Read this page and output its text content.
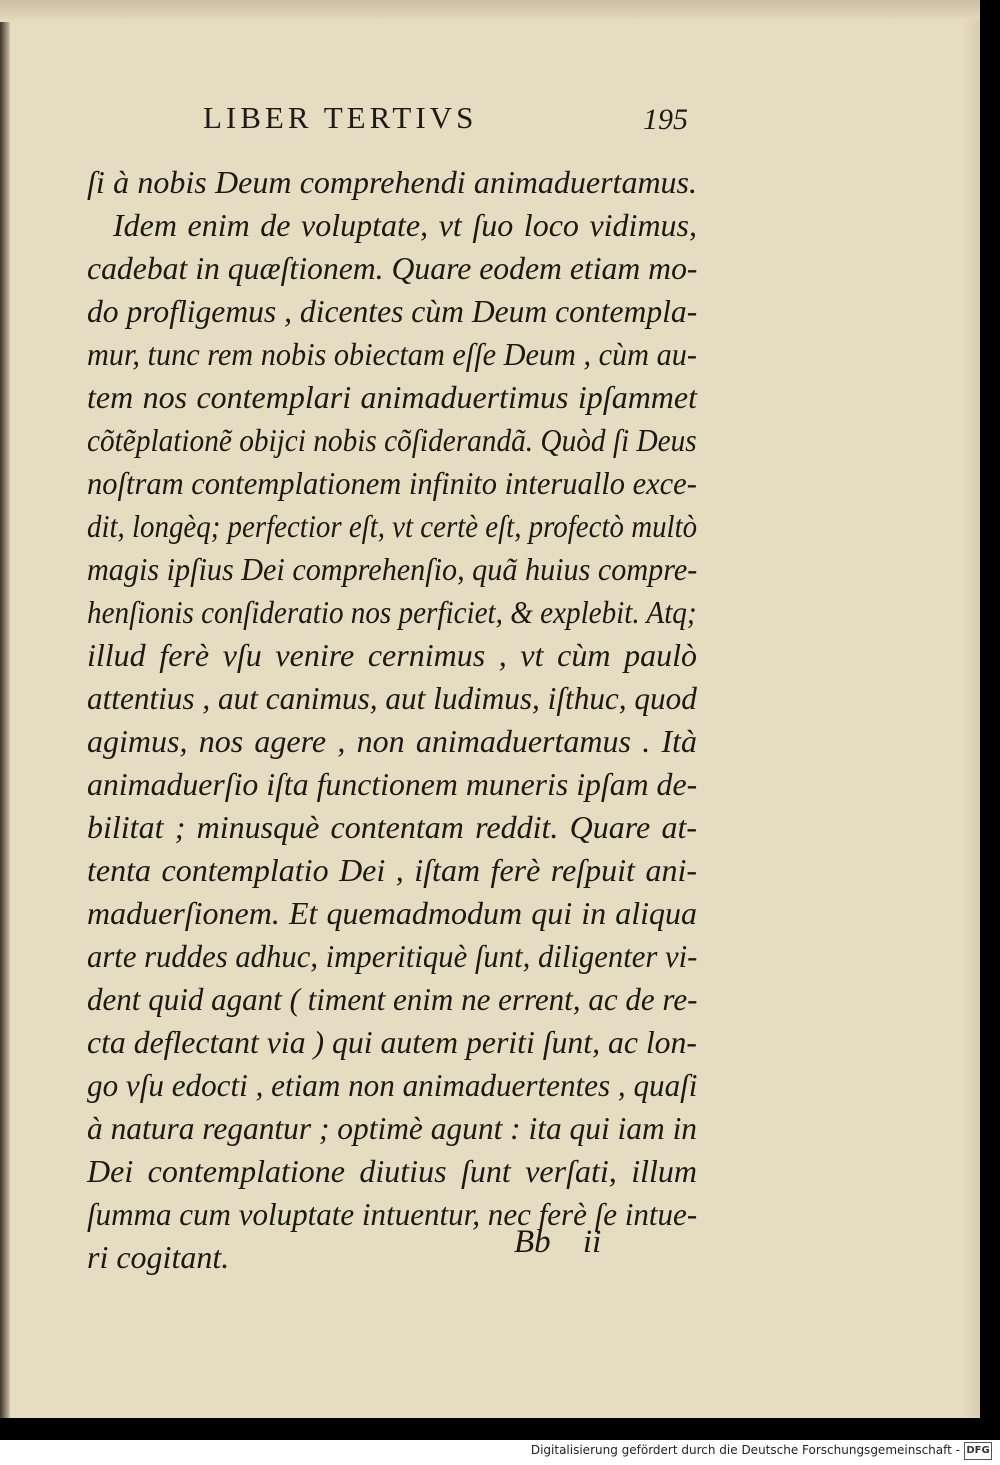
LIBER TERTIVS	195
ſi à nobis Deum comprehendi animaduertamus.
Idem enim de voluptate, vt ſuo loco vidimus,
cadebat in quæſtionem. Quare eodem etiam mo-
do profligemus , dicentes cùm Deum contempla-
mur, tunc rem nobis obiectam eſſe Deum , cùm au-
tem nos contemplari animaduertimus ipſammet
cõtẽplationẽ obijci nobis cõſiderandã. Quòd ſi Deus
noſtram contemplationem infinito interuallo exce-
dit, longèq; perfectior eſt, vt certè eſt, profectò multò
magis ipſius Dei comprehenſio, quã huius compre-
henſionis conſideratio nos perficiet, & explebit. Atq;
illud ferè vſu venire cernimus , vt cùm paulò
attentius , aut canimus, aut ludimus, iſthuc, quod
agimus, nos agere , non animaduertamus . Ità
animaduerſio iſta functionem muneris ipſam de-
bilitat ; minusquè contentam reddit. Quare at-
tenta contemplatio Dei , iſtam ferè reſpuit ani-
maduerſionem. Et quemadmodum qui in aliqua
arte ruddes adhuc, imperitiquè ſunt, diligenter vi-
dent quid agant ( timent enim ne errent, ac de re-
cta deflectant via ) qui autem periti ſunt, ac lon-
go vſu edocti , etiam non animaduertentes , quaſi
à natura regantur ; optimè agunt : ita qui iam in
Dei contemplatione diutius ſunt verſati, illum
ſumma cum voluptate intuentur, nec ferè ſe intue-
ri cogitant.	Bb ii
Digitalisierung gefördert durch die Deutsche Forschungsgemeinschaft - DFG
